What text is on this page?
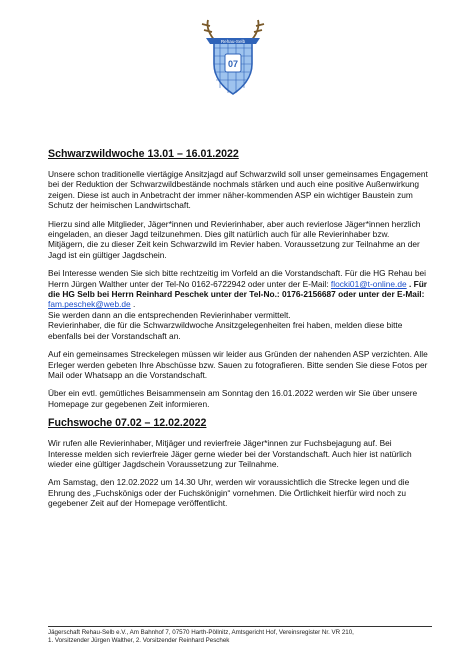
07
Rehau-Selb
Schwarzwildwoche 13.01 – 16.01.2022

Unsere schon traditionelle viertägige Ansitzjagd auf Schwarzwild soll unser gemeinsames Engagement bei der Reduktion der Schwarzwildbestände nochmals stärken und auch eine positive Außenwirkung zeigen. Diese ist auch in Anbetracht der immer näher-kommenden ASP ein wichtiger Baustein zum Schutz der heimischen Landwirtschaft.

Hierzu sind alle Mitglieder, Jäger*innen und Revierinhaber, aber auch revierlose Jäger*innen herzlich eingeladen, an dieser Jagd teilzunehmen. Dies gilt natürlich auch für alle Revierinhaber bzw. Mitjägern, die zu dieser Zeit kein Schwarzwild im Revier haben. Voraussetzung zur Teilnahme an der Jagd ist ein gültiger Jagdschein.

Bei Interesse wenden Sie sich bitte rechtzeitig im Vorfeld an die Vorstandschaft. Für die HG Rehau bei Herrn Jürgen Walther unter der Tel-No 0162-6722942 oder unter der E-Mail: flocki01@t-online.de . Für die HG Selb bei Herrn Reinhard Peschek unter der Tel-No.: 0176-2156687 oder unter der E-Mail: fam.peschek@web.de .

Sie werden dann an die entsprechenden Revierinhaber vermittelt.

Revierinhaber, die für die Schwarzwildwoche Ansitzgelegenheiten frei haben, melden diese bitte ebenfalls bei der Vorstandschaft an.

Auf ein gemeinsames Streckelegen müssen wir leider aus Gründen der nahenden ASP verzichten. Alle Erleger werden gebeten Ihre Abschüsse bzw. Sauen zu fotografieren. Bitte senden Sie diese Fotos per Mail oder Whatsapp an die Vorstandschaft.

Über ein evtl. gemütliches Beisammensein am Sonntag den 16.01.2022 werden wir Sie über unsere Homepage zur gegebenen Zeit informieren.

Fuchswoche 07.02 – 12.02.2022

Wir rufen alle Revierinhaber, Mitjäger und revierfreie Jäger*innen zur Fuchsbejagung auf. Bei Interesse melden sich revierfreie Jäger gerne wieder bei der Vorstandschaft. Auch hier ist natürlich wieder eine gültiger Jagdschein Voraussetzung zur Teilnahme.

Am Samstag, den 12.02.2022 um 14.30 Uhr, werden wir voraussichtlich die Strecke legen und die Ehrung des „Fuchskönigs oder der Fuchskönigin“ vornehmen. Die Örtlichkeit hierfür wird noch zu gegebener Zeit auf der Homepage veröffentlicht.

Jägerschaft Rehau-Selb e.V., Am Bahnhof 7, 07570 Harth-Pöllnitz, Amtsgericht Hof, Vereinsregister Nr. VR 210,
1. Vorsitzender Jürgen Walther, 2. Vorsitzender Reinhard Peschek
